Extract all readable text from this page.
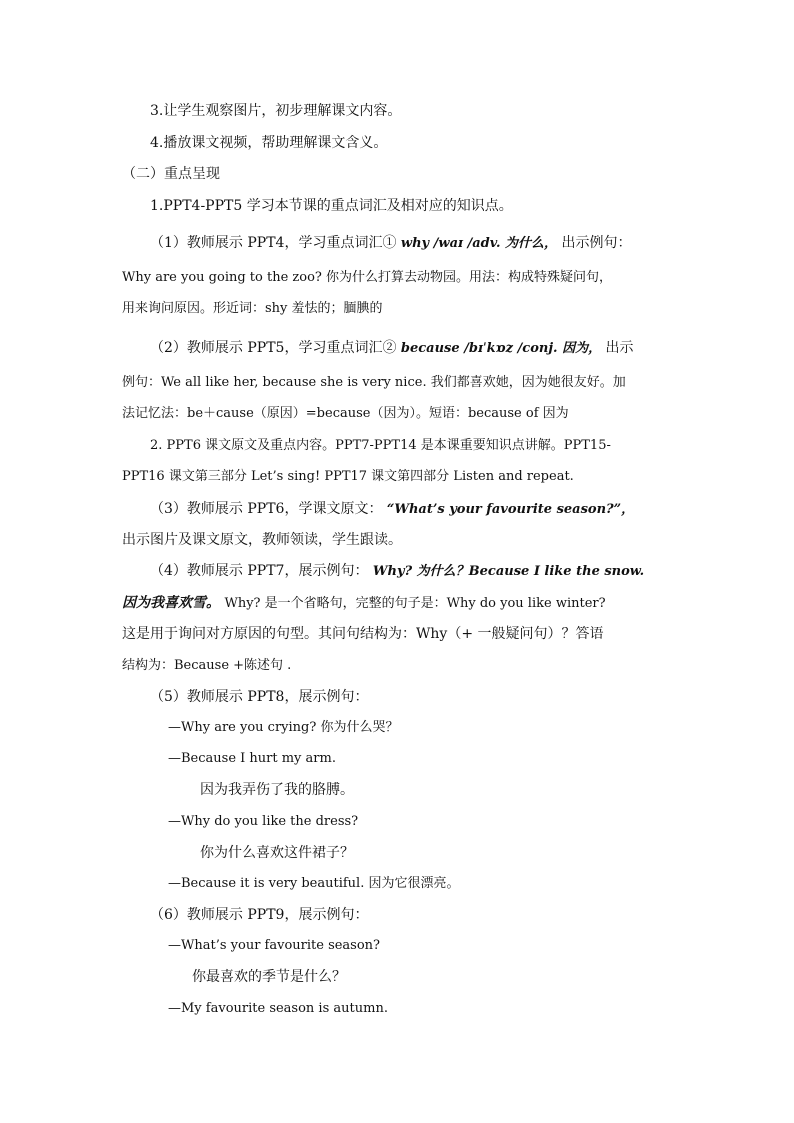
3.让学生观察图片，初步理解课文内容。
4.播放课文视频，帮助理解课文含义。
（二）重点呈现
1.PPT4-PPT5 学习本节课的重点词汇及相对应的知识点。
（1）教师展示 PPT4，学习重点词汇① why /waɪ /adv. 为什么， 出示例句：
Why are you going to the zoo? 你为什么打算去动物园。用法：构成特殊疑问句，
用来询问原因。形近词：shy 羞怯的；腼腆的
（2）教师展示 PPT5，学习重点词汇② because /bɪˈkɒz /conj. 因为， 出示
例句：We all like her, because she is very nice. 我们都喜欢她，因为她很友好。加
法记忆法：be＋cause（原因）=because（因为）。短语：because of 因为
2. PPT6 课文原文及重点内容。PPT7-PPT14 是本课重要知识点讲解。PPT15-
PPT16 课文第三部分 Let’s sing! PPT17 课文第四部分 Listen and repeat.
（3）教师展示 PPT6，学课文原文： “What’s your favourite season?”，
出示图片及课文原文，教师领读，学生跟读。
（4）教师展示 PPT7，展示例句： Why? 为什么？Because I like the snow.
因为我喜欢雪。 Why? 是一个省略句，完整的句子是：Why do you like winter?
这是用于询问对方原因的句型。其问句结构为：Why（+ 一般疑问句）？答语
结构为：Because +陈述句 .
（5）教师展示 PPT8，展示例句：
—Why are you crying? 你为什么哭？
—Because I hurt my arm.
因为我弄伤了我的胳膊。
—Why do you like the dress?
你为什么喜欢这件裙子？
—Because it is very beautiful. 因为它很漂亮。
（6）教师展示 PPT9，展示例句：
—What’s your favourite season?
你最喜欢的季节是什么？
—My favourite season is autumn.
